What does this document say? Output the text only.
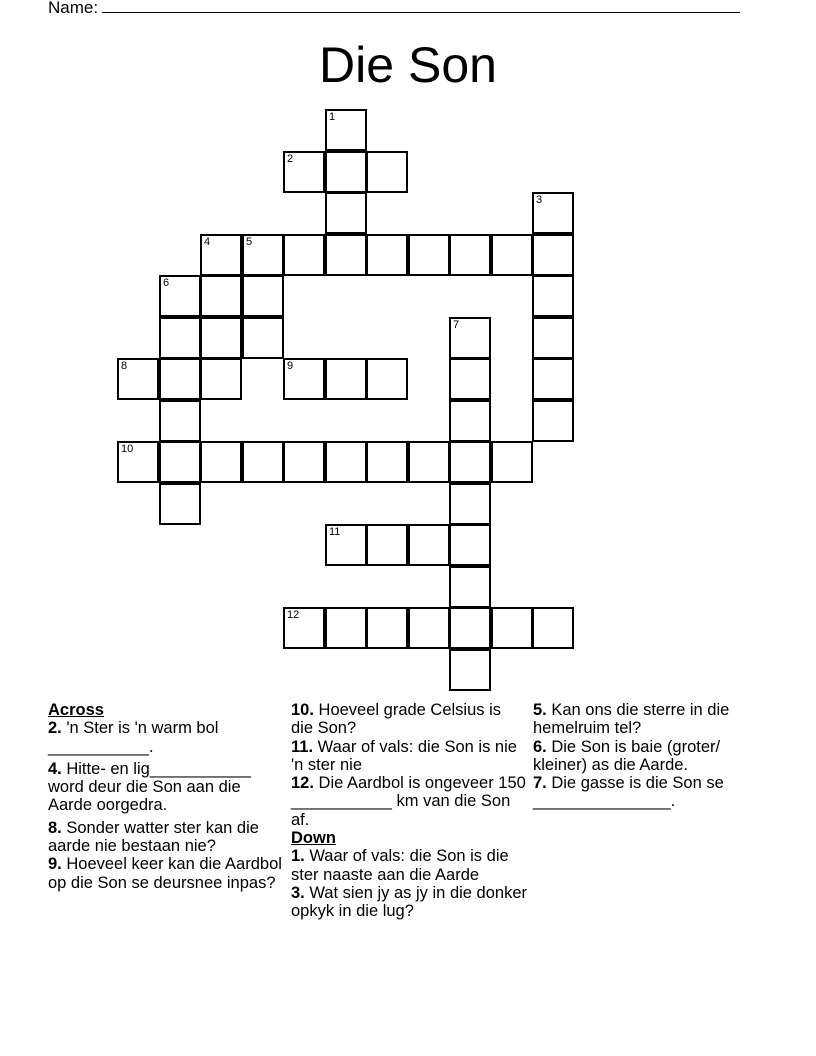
Name:
Die Son
1
2
3
4	5
6
7
8	9
10
11
12
Across
2. 'n Ster is 'n warm bol ___________.
4. Hitte- en lig___________ word deur die Son aan die Aarde oorgedra.
8. Sonder watter ster kan die aarde nie bestaan nie?
9. Hoeveel keer kan die Aardbol op die Son se deursnee inpas?
10. Hoeveel grade Celsius is die Son?
11. Waar of vals: die Son is nie 'n ster nie
12. Die Aardbol is ongeveer 150 ___________ km van die Son af.
Down
1. Waar of vals: die Son is die ster naaste aan die Aarde
3. Wat sien jy as jy in die donker opkyk in die lug?
5. Kan ons die sterre in die hemelruim tel?
6. Die Son is baie (groter/ kleiner) as die Aarde.
7. Die gasse is die Son se _______________.
